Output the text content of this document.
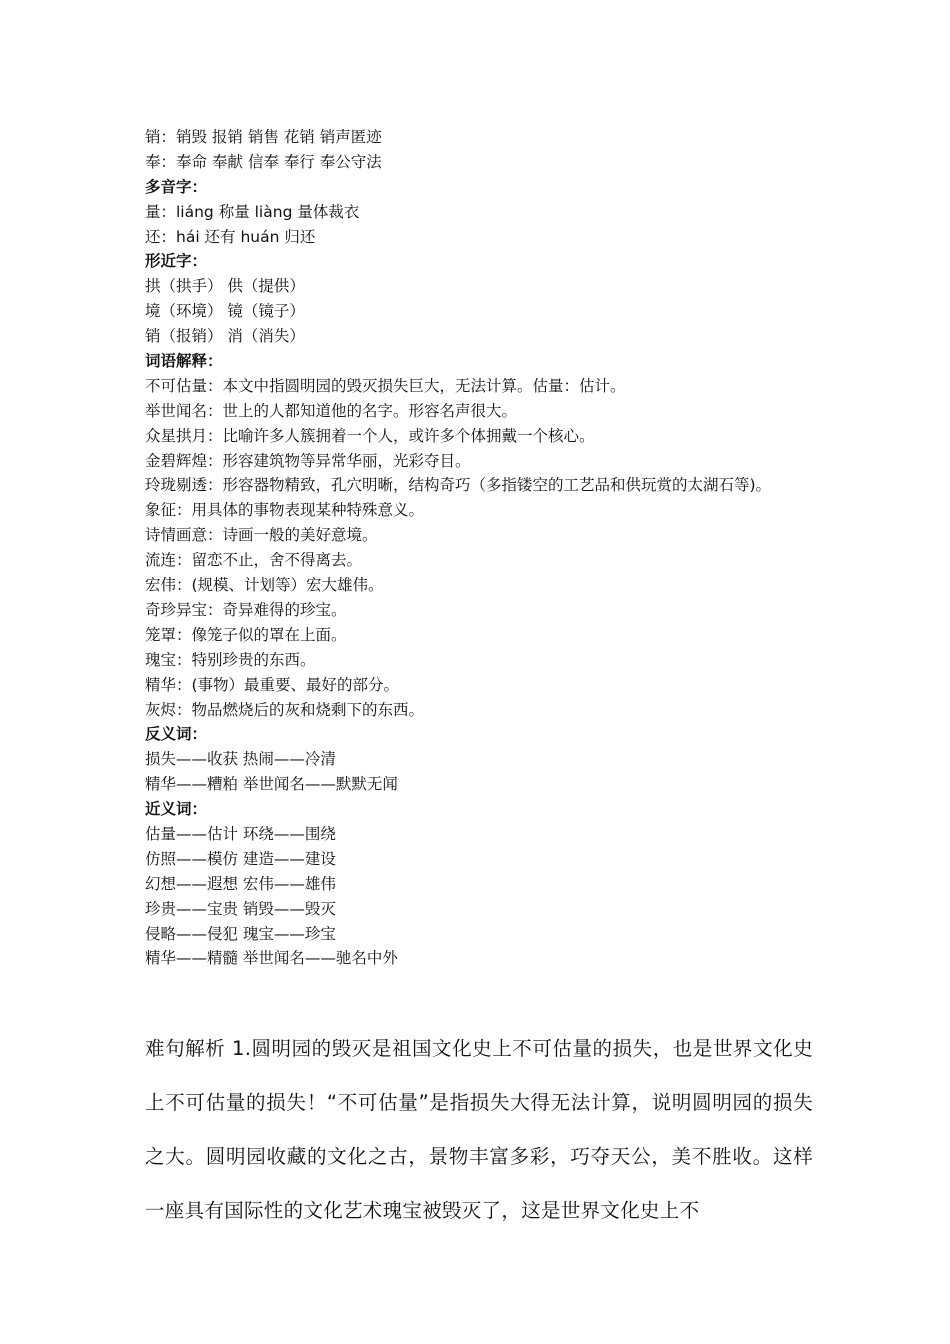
销：销毁 报销 销售 花销 销声匿迹
奉：奉命 奉献 信奉 奉行 奉公守法
多音字：
量：liáng 称量 liàng 量体裁衣
还：hái 还有 huán 归还
形近字：
拱（拱手） 供（提供）
境（环境） 镜（镜子）
销（报销） 消（消失）
词语解释：
不可估量：本文中指圆明园的毁灭损失巨大，无法计算。估量：估计。
举世闻名：世上的人都知道他的名字。形容名声很大。
众星拱月：比喻许多人簇拥着一个人，或许多个体拥戴一个核心。
金碧辉煌：形容建筑物等异常华丽，光彩夺目。
玲珑剔透：形容器物精致，孔穴明晰，结构奇巧（多指镂空的工艺品和供玩赏的太湖石等)。
象征：用具体的事物表现某种特殊意义。
诗情画意：诗画一般的美好意境。
流连：留恋不止，舍不得离去。
宏伟：(规模、计划等）宏大雄伟。
奇珍异宝：奇异难得的珍宝。
笼罩：像笼子似的罩在上面。
瑰宝：特别珍贵的东西。
精华：(事物）最重要、最好的部分。
灰烬：物品燃烧后的灰和烧剩下的东西。
反义词：
损失——收获 热闹——冷清
精华——糟粕 举世闻名——默默无闻
近义词：
估量——估计 环绕——围绕
仿照——模仿 建造——建设
幻想——遐想 宏伟——雄伟
珍贵——宝贵 销毁——毁灭
侵略——侵犯 瑰宝——珍宝
精华——精髓 举世闻名——驰名中外
难句解析 1.圆明园的毁灭是祖国文化史上不可估量的损失，也是世界文化史上不可估量的损失！“不可估量”是指损失大得无法计算，说明圆明园的损失之大。圆明园收藏的文化之古，景物丰富多彩，巧夺天公，美不胜收。这样一座具有国际性的文化艺术瑰宝被毁灭了，这是世界文化史上不
